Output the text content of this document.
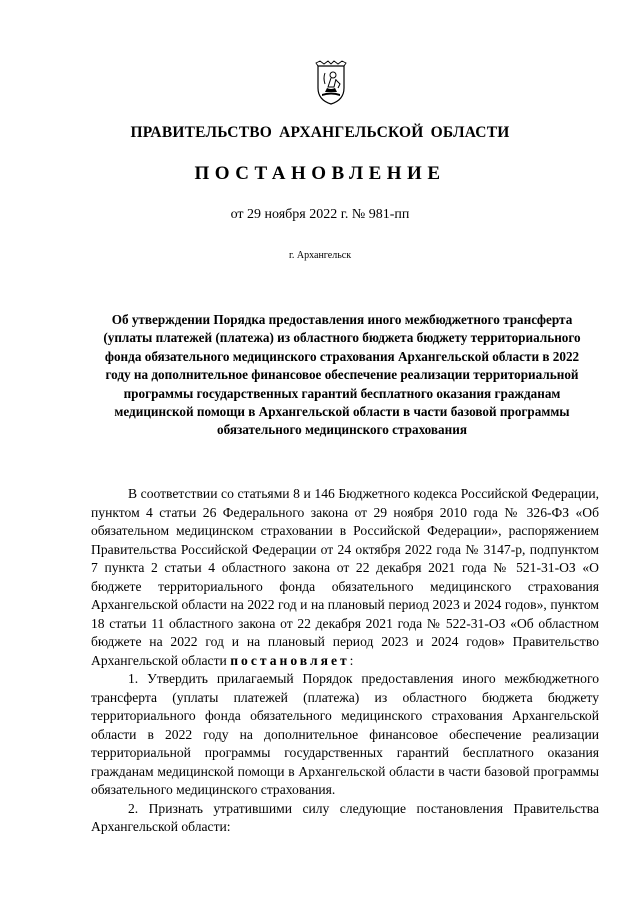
ПРАВИТЕЛЬСТВО АРХАНГЕЛЬСКОЙ ОБЛАСТИ
ПОСТАНОВЛЕНИЕ
от 29 ноября 2022 г. № 981-пп
г. Архангельск
Об утверждении Порядка предоставления иного межбюджетного трансферта (уплаты платежей (платежа) из областного бюджета бюджету территориального фонда обязательного медицинского страхования Архангельской области в 2022 году на дополнительное финансовое обеспечение реализации территориальной программы государственных гарантий бесплатного оказания гражданам медицинской помощи в Архангельской области в части базовой программы обязательного медицинского страхования

В соответствии со статьями 8 и 146 Бюджетного кодекса Российской Федерации, пунктом 4 статьи 26 Федерального закона от 29 ноября 2010 года № 326-ФЗ «Об обязательном медицинском страховании в Российской Федерации», распоряжением Правительства Российской Федерации от 24 октября 2022 года № 3147-р, подпунктом 7 пункта 2 статьи 4 областного закона от 22 декабря 2021 года № 521-31-ОЗ «О бюджете территориального фонда обязательного медицинского страхования Архангельской области на 2022 год и на плановый период 2023 и 2024 годов», пунктом 18 статьи 11 областного закона от 22 декабря 2021 года № 522-31-ОЗ «Об областном бюджете на 2022 год и на плановый период 2023 и 2024 годов» Правительство Архангельской области постановляет:

1. Утвердить прилагаемый Порядок предоставления иного межбюджетного трансферта (уплаты платежей (платежа) из областного бюджета бюджету территориального фонда обязательного медицинского страхования Архангельской области в 2022 году на дополнительное финансовое обеспечение реализации территориальной программы государственных гарантий бесплатного оказания гражданам медицинской помощи в Архангельской области в части базовой программы обязательного медицинского страхования.

2. Признать утратившими силу следующие постановления Правительства Архангельской области:
